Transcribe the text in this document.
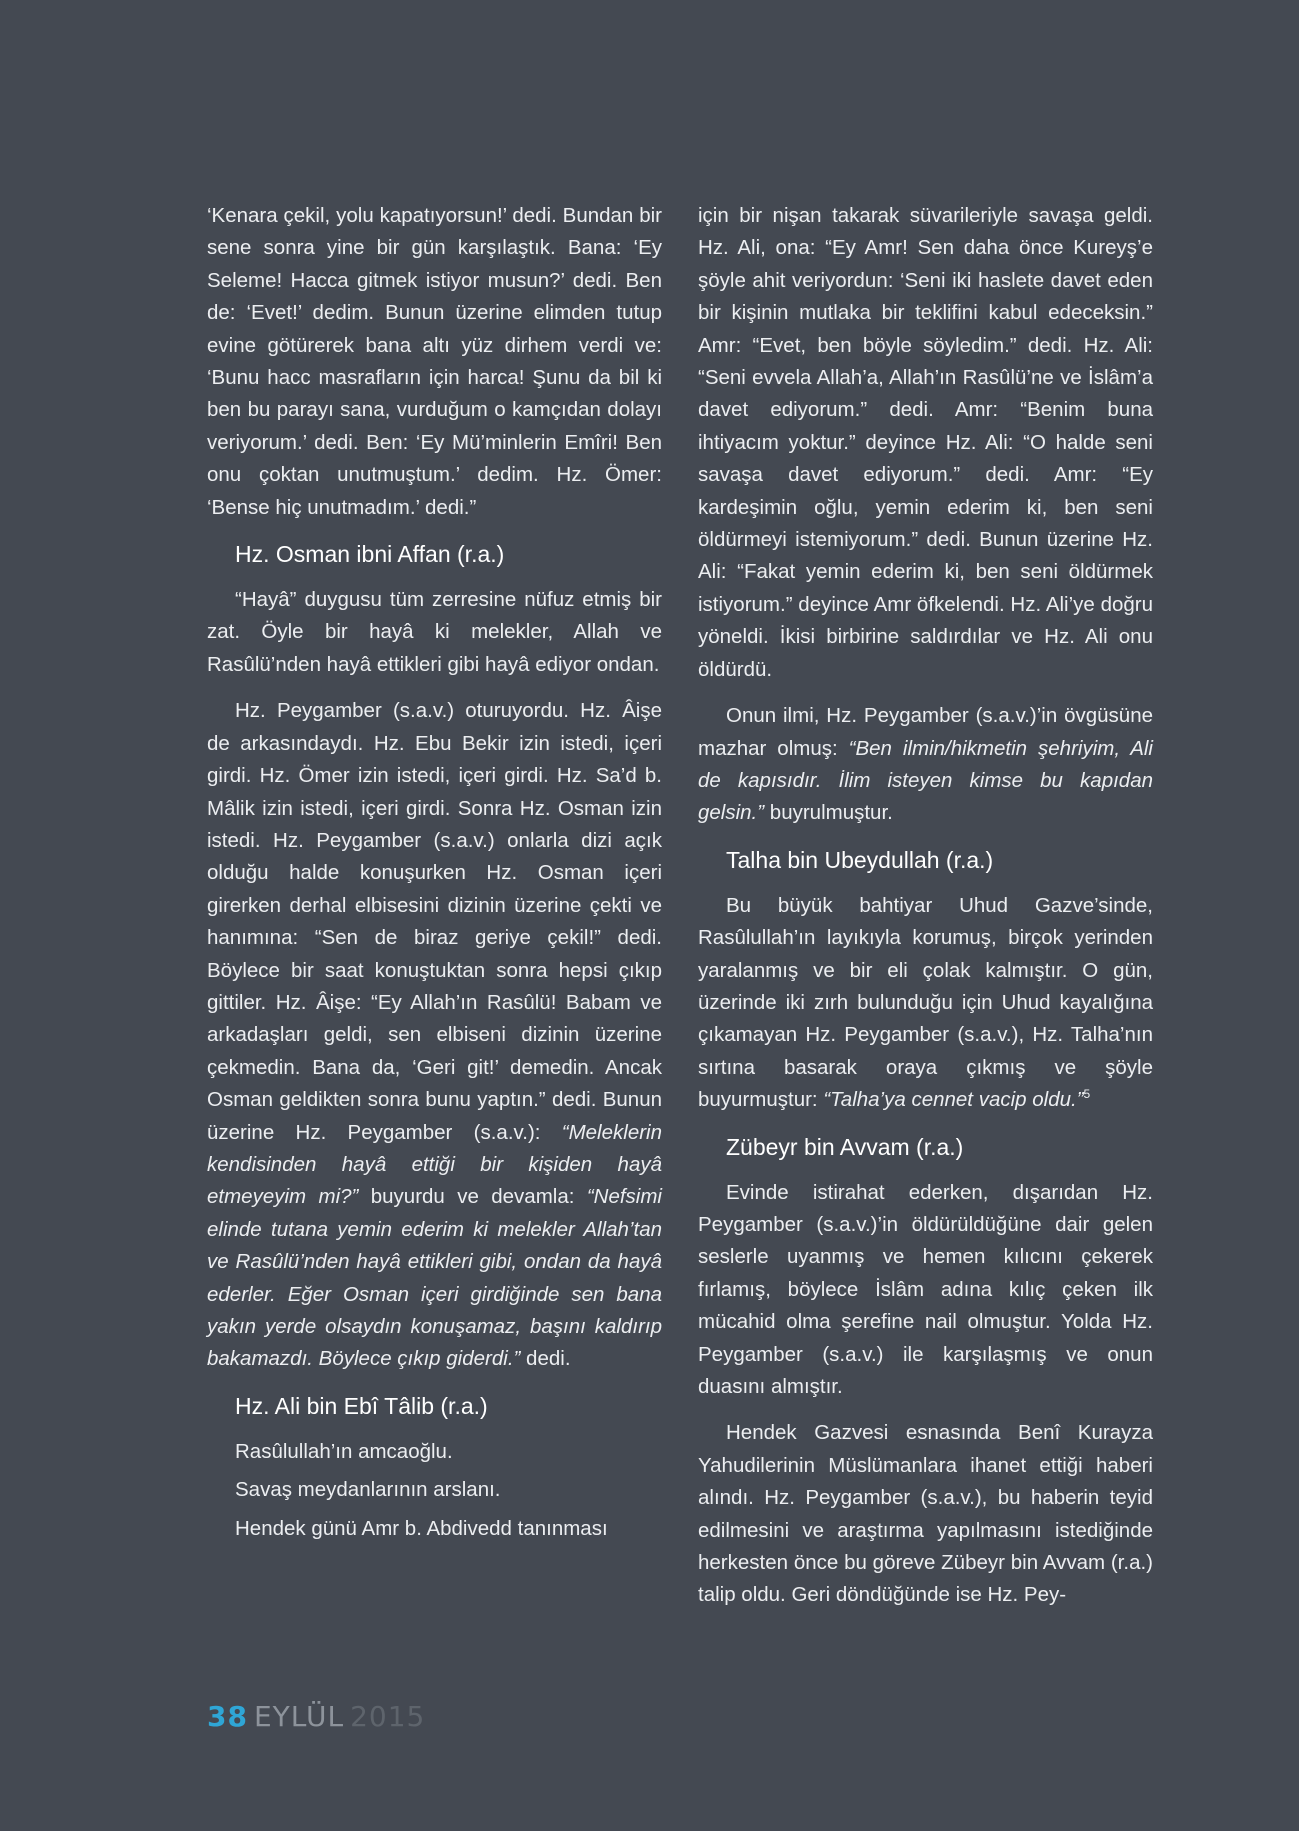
‘Kenara çekil, yolu kapatıyorsun!’ dedi. Bundan bir sene sonra yine bir gün karşılaştık. Bana: ‘Ey Seleme! Hacca gitmek istiyor musun?’ dedi. Ben de: ‘Evet!’ dedim. Bunun üzerine elimden tutup evine götürerek bana altı yüz dirhem verdi ve: ‘Bunu hacc masrafların için harca! Şunu da bil ki ben bu parayı sana, vurduğum o kamçıdan dolayı veriyorum.’ dedi. Ben: ‘Ey Mü’minlerin Emîri! Ben onu çoktan unutmuştum.’ dedim. Hz. Ömer: ‘Bense hiç unutmadım.’ dedi.”

Hz. Osman ibni Affan (r.a.)

“Hayâ” duygusu tüm zerresine nüfuz etmiş bir zat. Öyle bir hayâ ki melekler, Allah ve Rasûlü’nden hayâ ettikleri gibi hayâ ediyor ondan.

Hz. Peygamber (s.a.v.) oturuyordu. Hz. Âişe de arkasındaydı. Hz. Ebu Bekir izin istedi, içeri girdi. Hz. Ömer izin istedi, içeri girdi. Hz. Sa’d b. Mâlik izin istedi, içeri girdi. Sonra Hz. Osman izin istedi. Hz. Peygamber (s.a.v.) onlarla dizi açık olduğu halde konuşurken Hz. Osman içeri girerken derhal elbisesini dizinin üzerine çekti ve hanımına: “Sen de biraz geriye çekil!” dedi. Böylece bir saat konuştuktan sonra hepsi çıkıp gittiler. Hz. Âişe: “Ey Allah’ın Rasûlü! Babam ve arkadaşları geldi, sen elbiseni dizinin üzerine çekmedin. Bana da, ‘Geri git!’ demedin. Ancak Osman geldikten sonra bunu yaptın.” dedi. Bunun üzerine Hz. Peygamber (s.a.v.): “Meleklerin kendisinden hayâ ettiği bir kişiden hayâ etmeyeyim mi?” buyurdu ve devamla: “Nefsimi elinde tutana yemin ederim ki melekler Allah’tan ve Rasûlü’nden hayâ ettikleri gibi, ondan da hayâ ederler. Eğer Osman içeri girdiğinde sen bana yakın yerde olsaydın konuşamaz, başını kaldırıp bakamazdı. Böylece çıkıp giderdi.” dedi.

Hz. Ali bin Ebî Tâlib (r.a.)
Rasûlullah’ın amcaoğlu.
Savaş meydanlarının arslanı.
Hendek günü Amr b. Abdivedd tanınması

için bir nişan takarak süvarileriyle savaşa geldi. Hz. Ali, ona: “Ey Amr! Sen daha önce Kureyş’e şöyle ahit veriyordun: ‘Seni iki haslete davet eden bir kişinin mutlaka bir teklifini kabul edeceksin.” Amr: “Evet, ben böyle söyledim.” dedi. Hz. Ali: “Seni evvela Allah’a, Allah’ın Rasûlü’ne ve İslâm’a davet ediyorum.” dedi. Amr: “Benim buna ihtiyacım yoktur.” deyince Hz. Ali: “O halde seni savaşa davet ediyorum.” dedi. Amr: “Ey kardeşimin oğlu, yemin ederim ki, ben seni öldürmeyi istemiyorum.” dedi. Bunun üzerine Hz. Ali: “Fakat yemin ederim ki, ben seni öldürmek istiyorum.” deyince Amr öfkelendi. Hz. Ali’ye doğru yöneldi. İkisi birbirine saldırdılar ve Hz. Ali onu öldürdü.

Onun ilmi, Hz. Peygamber (s.a.v.)’in övgüsüne mazhar olmuş: “Ben ilmin/hikmetin şehriyim, Ali de kapısıdır. İlim isteyen kimse bu kapıdan gelsin.” buyrulmuştur.

Talha bin Ubeydullah (r.a.)

Bu büyük bahtiyar Uhud Gazve’sinde, Rasûlullah’ın layıkıyla korumuş, birçok yerinden yaralanmış ve bir eli çolak kalmıştır. O gün, üzerinde iki zırh bulunduğu için Uhud kayalığına çıkamayan Hz. Peygamber (s.a.v.), Hz. Talha’nın sırtına basarak oraya çıkmış ve şöyle buyurmuştur: “Talha’ya cennet vacip oldu.”$^5$

Zübeyr bin Avvam (r.a.)

Evinde istirahat ederken, dışarıdan Hz. Peygamber (s.a.v.)’in öldürüldüğüne dair gelen seslerle uyanmış ve hemen kılıcını çekerek fırlamış, böylece İslâm adına kılıç çeken ilk mücahid olma şerefine nail olmuştur. Yolda Hz. Peygamber (s.a.v.) ile karşılaşmış ve onun duasını almıştır.

Hendek Gazvesi esnasında Benî Kurayza Yahudilerinin Müslümanlara ihanet ettiği haberi alındı. Hz. Peygamber (s.a.v.), bu haberin teyid edilmesini ve araştırma yapılmasını istediğinde herkesten önce bu göreve Zübeyr bin Avvam (r.a.) talip oldu. Geri döndüğünde ise Hz. Pey-

38 EYLÜL 2015
